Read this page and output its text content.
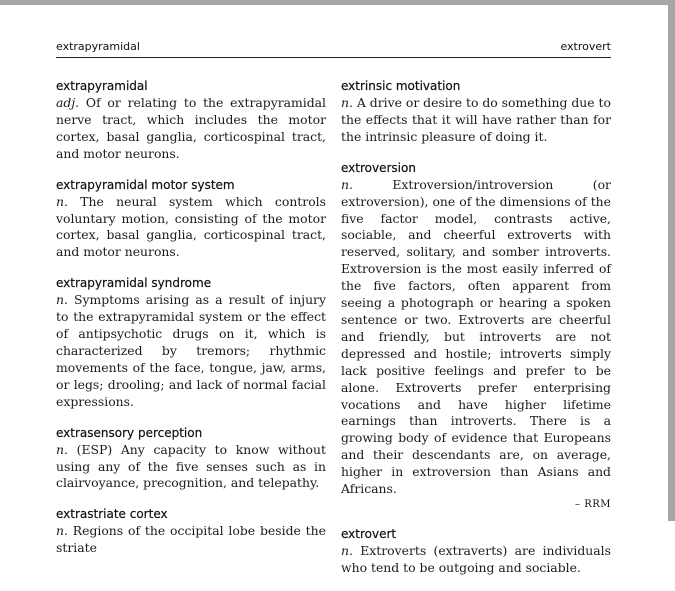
extrapyramidal	extrovert

extrapyramidal

adj. Of or relating to the extrapyramidal nerve tract, which includes the motor cortex, basal ganglia, corticospinal tract, and motor neurons.

extrapyramidal motor system

n. The neural system which controls voluntary motion, consisting of the motor cortex, basal ganglia, corticospinal tract, and motor neurons.

extrapyramidal syndrome

n. Symptoms arising as a result of injury to the extrapyramidal system or the effect of antipsychotic drugs on it, which is characterized by tremors; rhythmic movements of the face, tongue, jaw, arms, or legs; drooling; and lack of normal facial expressions.

extrasensory perception

n. (ESP) Any capacity to know without using any of the five senses such as in clairvoyance, precognition, and telepathy.

extrastriate cortex

n. Regions of the occipital lobe beside the striate

extrinsic motivation

n. A drive or desire to do something due to the effects that it will have rather than for the intrinsic pleasure of doing it.

extroversion

n.	Extroversion/introversion (or extroversion), one of the dimensions of the five factor model, contrasts active, sociable, and cheerful extroverts with reserved, solitary, and somber introverts. Extroversion is the most easily inferred of the five factors, often apparent from seeing a photograph or hearing a spoken sentence or two. Extroverts are cheerful and friendly, but introverts are not depressed and hostile; introverts simply lack positive feelings and prefer to be alone. Extroverts prefer enterprising vocations and have higher lifetime earnings than introverts. There is a growing body of evidence that Europeans and their descendants are, on average, higher in extroversion than Asians and Africans.

– RRM

extrovert

n. Extroverts (extraverts) are individuals who tend to be outgoing and sociable.
